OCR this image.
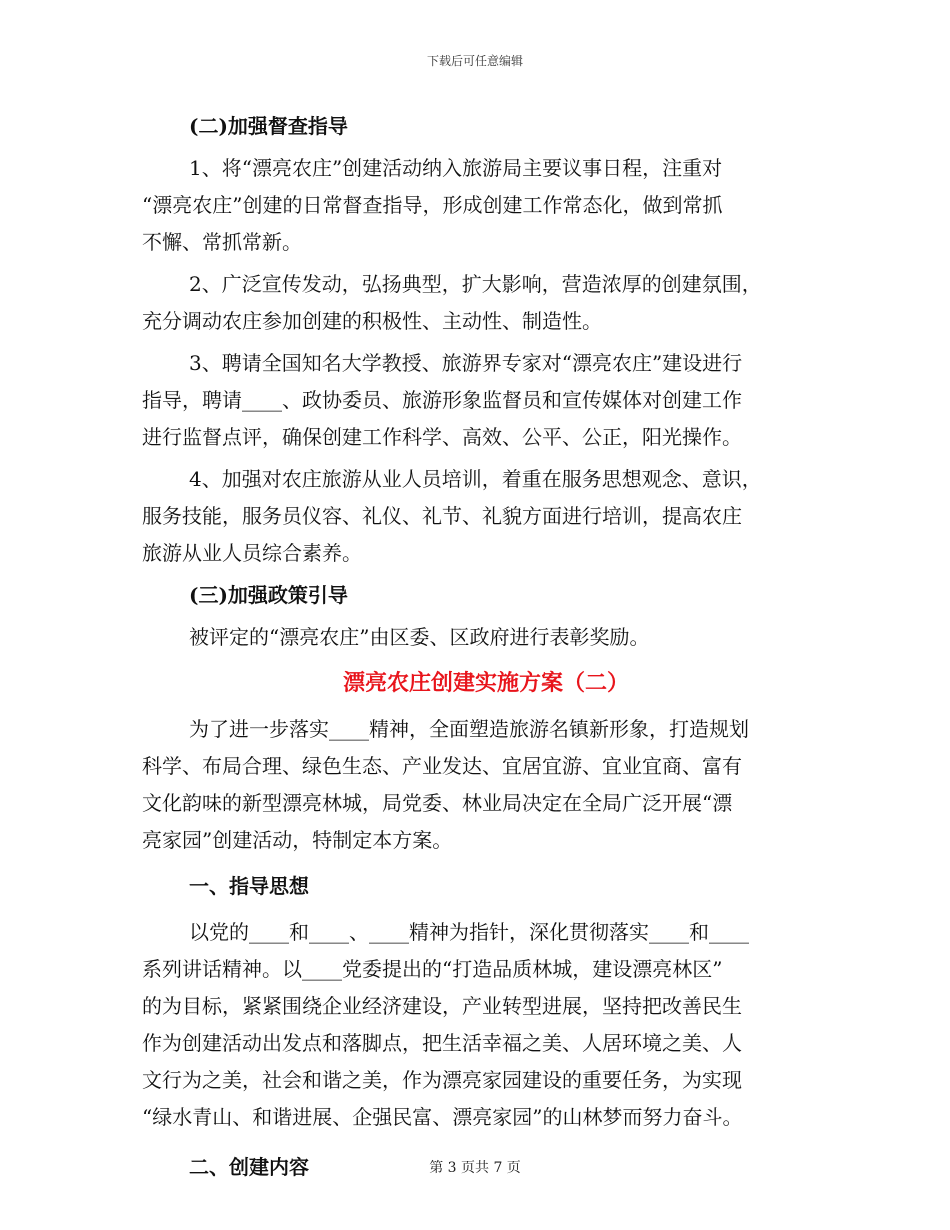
下载后可任意编辑
(二)加强督查指导
1、将“漂亮农庄”创建活动纳入旅游局主要议事日程，注重对
“漂亮农庄”创建的日常督查指导，形成创建工作常态化，做到常抓
不懈、常抓常新。
2、广泛宣传发动，弘扬典型，扩大影响，营造浓厚的创建氛围，
充分调动农庄参加创建的积极性、主动性、制造性。
3、聘请全国知名大学教授、旅游界专家对“漂亮农庄”建设进行
指导，聘请____、政协委员、旅游形象监督员和宣传媒体对创建工作
进行监督点评，确保创建工作科学、高效、公平、公正，阳光操作。
4、加强对农庄旅游从业人员培训，着重在服务思想观念、意识，
服务技能，服务员仪容、礼仪、礼节、礼貌方面进行培训，提高农庄
旅游从业人员综合素养。
(三)加强政策引导
被评定的“漂亮农庄”由区委、区政府进行表彰奖励。
漂亮农庄创建实施方案（二）
为了进一步落实____精神，全面塑造旅游名镇新形象，打造规划
科学、布局合理、绿色生态、产业发达、宜居宜游、宜业宜商、富有
文化韵味的新型漂亮林城，局党委、林业局决定在全局广泛开展“漂
亮家园”创建活动，特制定本方案。
一、指导思想
以党的____和____、____精神为指针，深化贯彻落实____和____
系列讲话精神。以____党委提出的“打造品质林城，建设漂亮林区”
的为目标，紧紧围绕企业经济建设，产业转型进展，坚持把改善民生
作为创建活动出发点和落脚点，把生活幸福之美、人居环境之美、人
文行为之美，社会和谐之美，作为漂亮家园建设的重要任务，为实现
“绿水青山、和谐进展、企强民富、漂亮家园”的山林梦而努力奋斗。
二、创建内容	第 3 页共 7 页
